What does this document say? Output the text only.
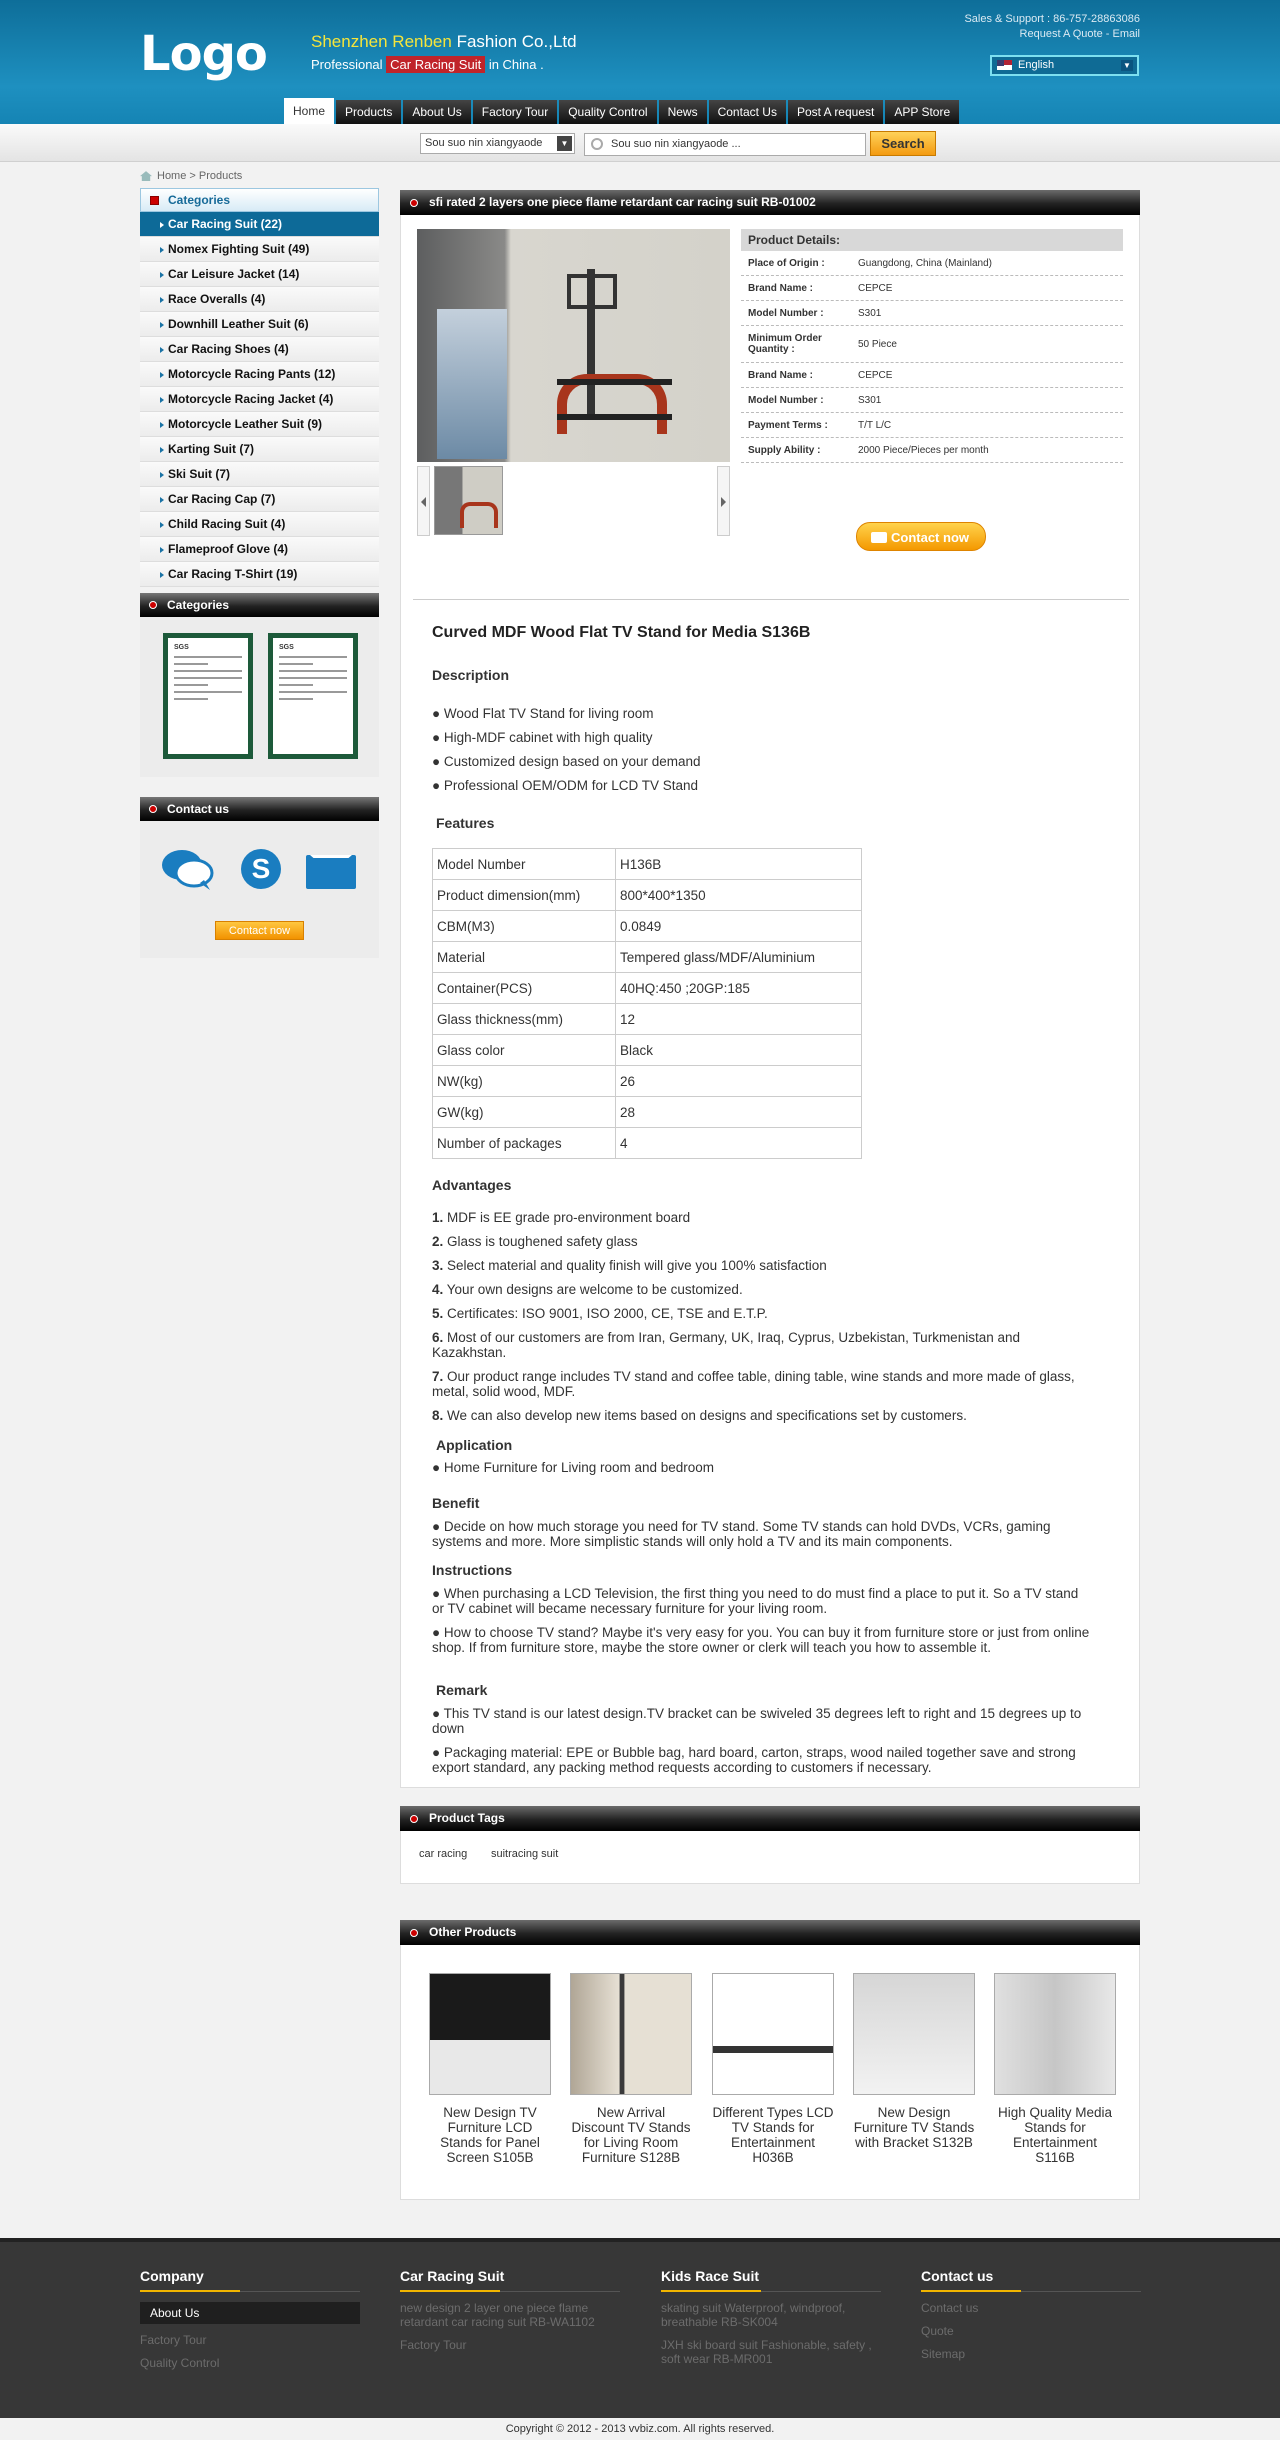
Logo	Shenzhen Renben Fashion Co.,Ltd
Professional Car Racing Suit in China .
Sales & Support : 86-757-28863086
Request A Quote - Email
English	▼
Home	Products	About Us	Factory Tour	Quality Control	News	Contact Us	Post A request	APP Store
Sou suo nin xiangyaode	▼	Sou suo nin xiangyaode ...	Search
Home > Products
Categories
Car Racing Suit (22)
Nomex Fighting Suit (49)
Car Leisure Jacket (14)
Race Overalls (4)
Downhill Leather Suit (6)
Car Racing Shoes (4)
Motorcycle Racing Pants (12)
Motorcycle Racing Jacket (4)
Motorcycle Leather Suit (9)
Karting Suit (7)
Ski Suit (7)
Car Racing Cap (7)
Child Racing Suit (4)
Flameproof Glove (4)
Car Racing T-Shirt (19)
Categories
SGS	SGS
Contact us
S
Contact now
sfi rated 2 layers one piece flame retardant car racing suit RB-01002
Product Details:
Place of Origin :	Guangdong, China (Mainland)
Brand Name :	CEPCE
Model Number :	S301
Minimum Order Quantity :	50 Piece
Brand Name :	CEPCE
Model Number :	S301
Payment Terms :	T/T L/C
Supply Ability :	2000 Piece/Pieces per month
Contact now
Curved MDF Wood Flat TV Stand for Media S136B
Description
● Wood Flat TV Stand for living room
● High-MDF cabinet with high quality
● Customized design based on your demand
● Professional OEM/ODM for LCD TV Stand
Features
Model Number	H136B
Product dimension(mm)	800*400*1350
CBM(M3)	0.0849
Material	Tempered glass/MDF/Aluminium
Container(PCS)	40HQ:450 ;20GP:185
Glass thickness(mm)	12
Glass color	Black
NW(kg)	26
GW(kg)	28
Number of packages	4
Advantages
1. MDF is EE grade pro-environment board
2. Glass is toughened safety glass
3. Select material and quality finish will give you 100% satisfaction
4. Your own designs are welcome to be customized.
5. Certificates: ISO 9001, ISO 2000, CE, TSE and E.T.P.
6. Most of our customers are from Iran, Germany, UK, Iraq, Cyprus, Uzbekistan, Turkmenistan and Kazakhstan.
7. Our product range includes TV stand and coffee table, dining table, wine stands and more made of glass, metal, solid wood, MDF.
8. We can also develop new items based on designs and specifications set by customers.
Application
● Home Furniture for Living room and bedroom
Benefit
● Decide on how much storage you need for TV stand. Some TV stands can hold DVDs, VCRs, gaming systems and more. More simplistic stands will only hold a TV and its main components.
Instructions
● When purchasing a LCD Television, the first thing you need to do must find a place to put it. So a TV stand or TV cabinet will became necessary furniture for your living room.
● How to choose TV stand? Maybe it's very easy for you. You can buy it from furniture store or just from online shop. If from furniture store, maybe the store owner or clerk will teach you how to assemble it.
Remark
● This TV stand is our latest design.TV bracket can be swiveled 35 degrees left to right and 15 degrees up to down
● Packaging material: EPE or Bubble bag, hard board, carton, straps, wood nailed together save and strong export standard, any packing method requests according to customers if necessary.
Product Tags
car racing suitracing suit
Other Products
New Design TV Furniture LCD Stands for Panel Screen S105B
New Arrival Discount TV Stands for Living Room Furniture S128B
Different Types LCD TV Stands for Entertainment H036B
New Design Furniture TV Stands with Bracket S132B
High Quality Media Stands for Entertainment S116B
Company
About Us
Factory Tour
Quality Control
Car Racing Suit
new design 2 layer one piece flame retardant car racing suit RB-WA1102
Factory Tour
Kids Race Suit
skating suit Waterproof, windproof, breathable RB-SK004
JXH ski board suit Fashionable, safety , soft wear RB-MR001
Contact us
Contact us
Quote
Sitemap
Copyright © 2012 - 2013 vvbiz.com. All rights reserved.
